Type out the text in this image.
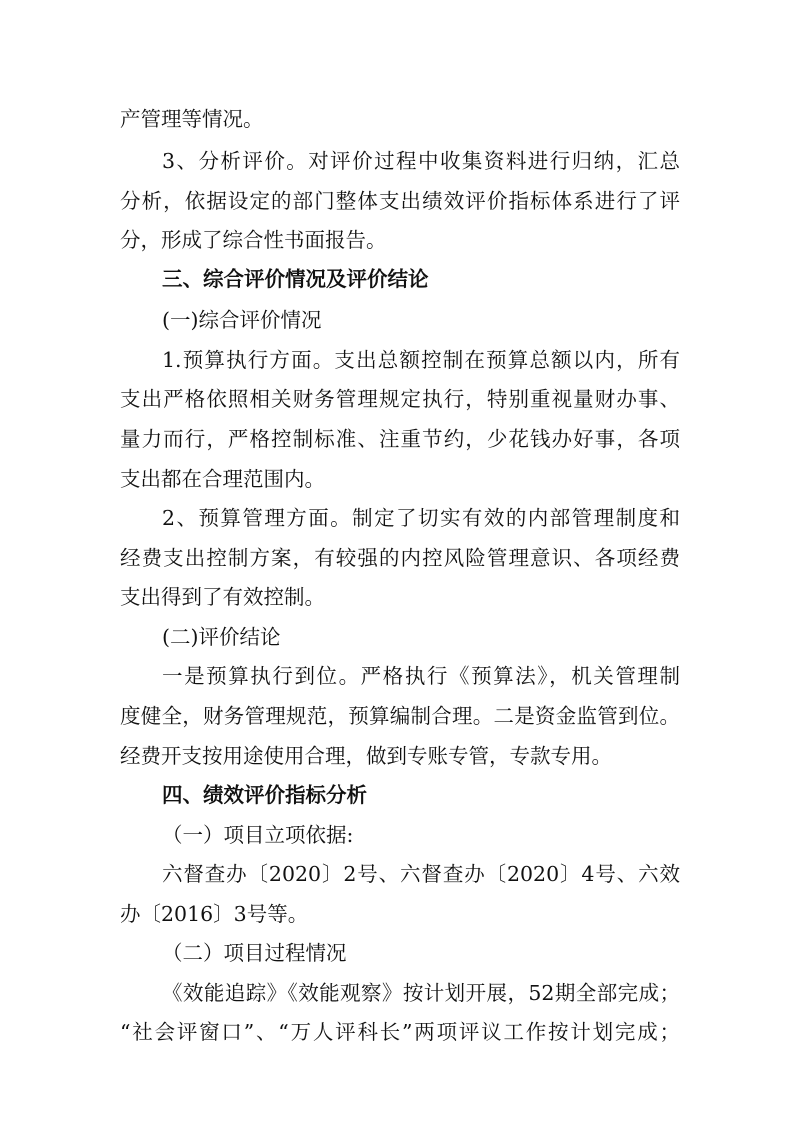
产管理等情况。
3、分析评价。对评价过程中收集资料进行归纳，汇总
分析，依据设定的部门整体支出绩效评价指标体系进行了评
分，形成了综合性书面报告。
三、综合评价情况及评价结论
(一)综合评价情况
1.预算执行方面。支出总额控制在预算总额以内，所有
支出严格依照相关财务管理规定执行，特别重视量财办事、
量力而行，严格控制标准、注重节约，少花钱办好事，各项
支出都在合理范围内。
2、预算管理方面。制定了切实有效的内部管理制度和
经费支出控制方案，有较强的内控风险管理意识、各项经费
支出得到了有效控制。
(二)评价结论
一是预算执行到位。严格执行《预算法》，机关管理制
度健全，财务管理规范，预算编制合理。二是资金监管到位。
经费开支按用途使用合理，做到专账专管，专款专用。
四、绩效评价指标分析
（一）项目立项依据:
六督查办〔2020〕2号、六督查办〔2020〕4号、六效
办〔2016〕3号等。
（二）项目过程情况
《效能追踪》《效能观察》按计划开展，52期全部完成；
“社会评窗口”、“万人评科长”两项评议工作按计划完成；
